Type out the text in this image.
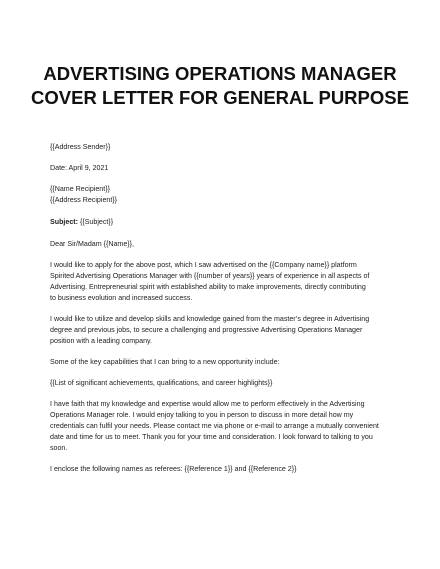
ADVERTISING OPERATIONS MANAGER
COVER LETTER FOR GENERAL PURPOSE

{{Address Sender}}

Date: April 9, 2021

{{Name Recipient}}

{{Address Recipient}}

Subject: {{Subject}}

Dear Sir/Madam {{Name}},

I would like to apply for the above post, which I saw advertised on the {{Company name}} platform

Spirited Advertising Operations Manager with {{number of years}} years of experience in all aspects of

Advertising. Entrepreneurial spirit with established ability to make improvements, directly contributing

to business evolution and increased success.

I would like to utilize and develop skills and knowledge gained from the master’s degree in Advertising

degree and previous jobs, to secure a challenging and progressive Advertising Operations Manager

position with a leading company.

Some of the key capabilities that I can bring to a new opportunity include:

{{List of significant achievements, qualifications, and career highlights}}

I have faith that my knowledge and expertise would allow me to perform effectively in the Advertising

Operations Manager role. I would enjoy talking to you in person to discuss in more detail how my

credentials can fulfil your needs. Please contact me via phone or e-mail to arrange a mutually convenient

date and time for us to meet. Thank you for your time and consideration. I look forward to talking to you

soon.

I enclose the following names as referees: {{Reference 1}} and {{Reference 2}}
